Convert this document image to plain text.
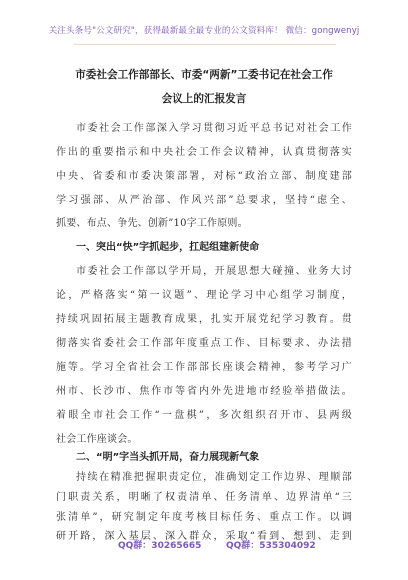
关注头条号"公文研究"，获得最新最全最专业的公文资料库！ 微信：gongwenyj
市委社会工作部部长、市委“两新”工委书记在社会工作
会议上的汇报发言
市委社会工作部深入学习贯彻习近平总书记对社会工作
作出的重要指示和中央社会工作会议精神，认真贯彻落实
中央、省委和市委决策部署，对标“政治立部、制度建部
学习强部、从严治部、作风兴部”总要求，坚持“虑全、
抓要、布点、争先、创新”10字工作原则。
一、突出“快”字抓起步，扛起组建新使命
市委社会工作部以学开局，开展思想大碰撞、业务大讨
论，严格落实“第一议题”、理论学习中心组学习制度，
持续巩固拓展主题教育成果，扎实开展党纪学习教育。贯
彻落实省委社会工作部年度重点工作、目标要求、办法措
施等。学习全省社会工作部部长座谈会精神，参考学习广
州市、长沙市、焦作市等省内外先进地市经验举措做法。
着眼全市社会工作“一盘棋”，多次组织召开市、县两级
社会工作座谈会。
二、“明”字当头抓开局，奋力展现新气象
QQ群：30265665	QQ群：535304092
持续在精准把握职责定位，准确划定工作边界、理顺部
门职责关系，明晰了权责清单、任务清单、边界清单“三
张清单”，研究制定年度考核目标任务、重点工作。以调
研开路，深入基层、深入群众，采取“看到、想到、走到
